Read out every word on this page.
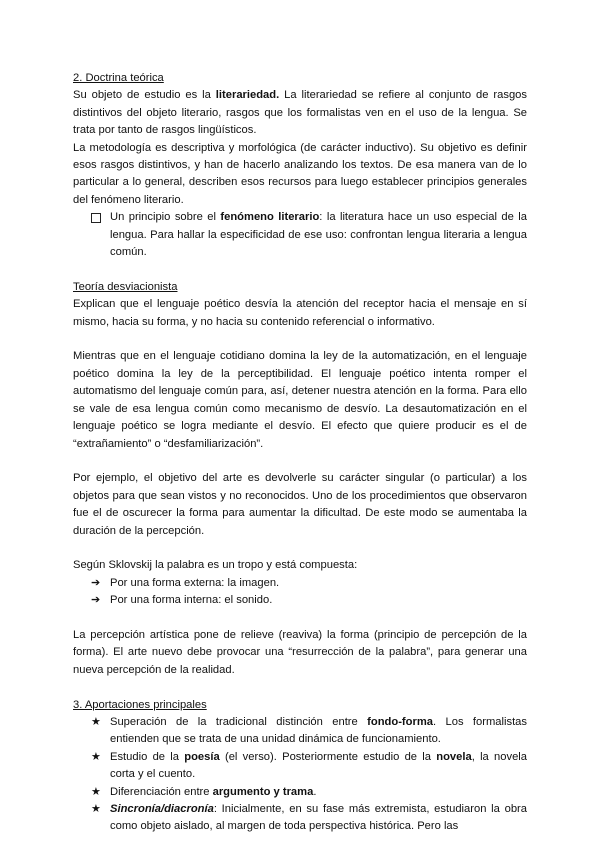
2. Doctrina teórica

Su objeto de estudio es la literariedad. La literariedad se refiere al conjunto de rasgos distintivos del objeto literario, rasgos que los formalistas ven en el uso de la lengua. Se trata por tanto de rasgos lingüísticos.

La metodología es descriptiva y morfológica (de carácter inductivo). Su objetivo es definir esos rasgos distintivos, y han de hacerlo analizando los textos. De esa manera van de lo particular a lo general, describen esos recursos para luego establecer principios generales del fenómeno literario.

Un principio sobre el fenómeno literario: la literatura hace un uso especial de la lengua. Para hallar la especificidad de ese uso: confrontan lengua literaria a lengua común.
Teoría desviacionista

Explican que el lenguaje poético desvía la atención del receptor hacia el mensaje en sí mismo, hacia su forma, y no hacia su contenido referencial o informativo.

Mientras que en el lenguaje cotidiano domina la ley de la automatización, en el lenguaje poético domina la ley de la perceptibilidad. El lenguaje poético intenta romper el automatismo del lenguaje común para, así, detener nuestra atención en la forma. Para ello se vale de esa lengua común como mecanismo de desvío. La desautomatización en el lenguaje poético se logra mediante el desvío. El efecto que quiere producir es el de “extrañamiento” o “desfamiliarización”.

Por ejemplo, el objetivo del arte es devolverle su carácter singular (o particular) a los objetos para que sean vistos y no reconocidos. Uno de los procedimientos que observaron fue el de oscurecer la forma para aumentar la dificultad. De este modo se aumentaba la duración de la percepción.

Según Sklovskij la palabra es un tropo y está compuesta:

➔ Por una forma externa: la imagen.
➔ Por una forma interna: el sonido.

La percepción artística pone de relieve (reaviva) la forma (principio de percepción de la forma). El arte nuevo debe provocar una “resurrección de la palabra”, para generar una nueva percepción de la realidad.

3. Aportaciones principales
★ Superación de la tradicional distinción entre fondo-forma. Los formalistas entienden que se trata de una unidad dinámica de funcionamiento.
★ Estudio de la poesía (el verso). Posteriormente estudio de la novela, la novela corta y el cuento.
★ Diferenciación entre argumento y trama.
★ Sincronía/diacronía: Inicialmente, en su fase más extremista, estudiaron la obra como objeto aislado, al margen de toda perspectiva histórica. Pero las
